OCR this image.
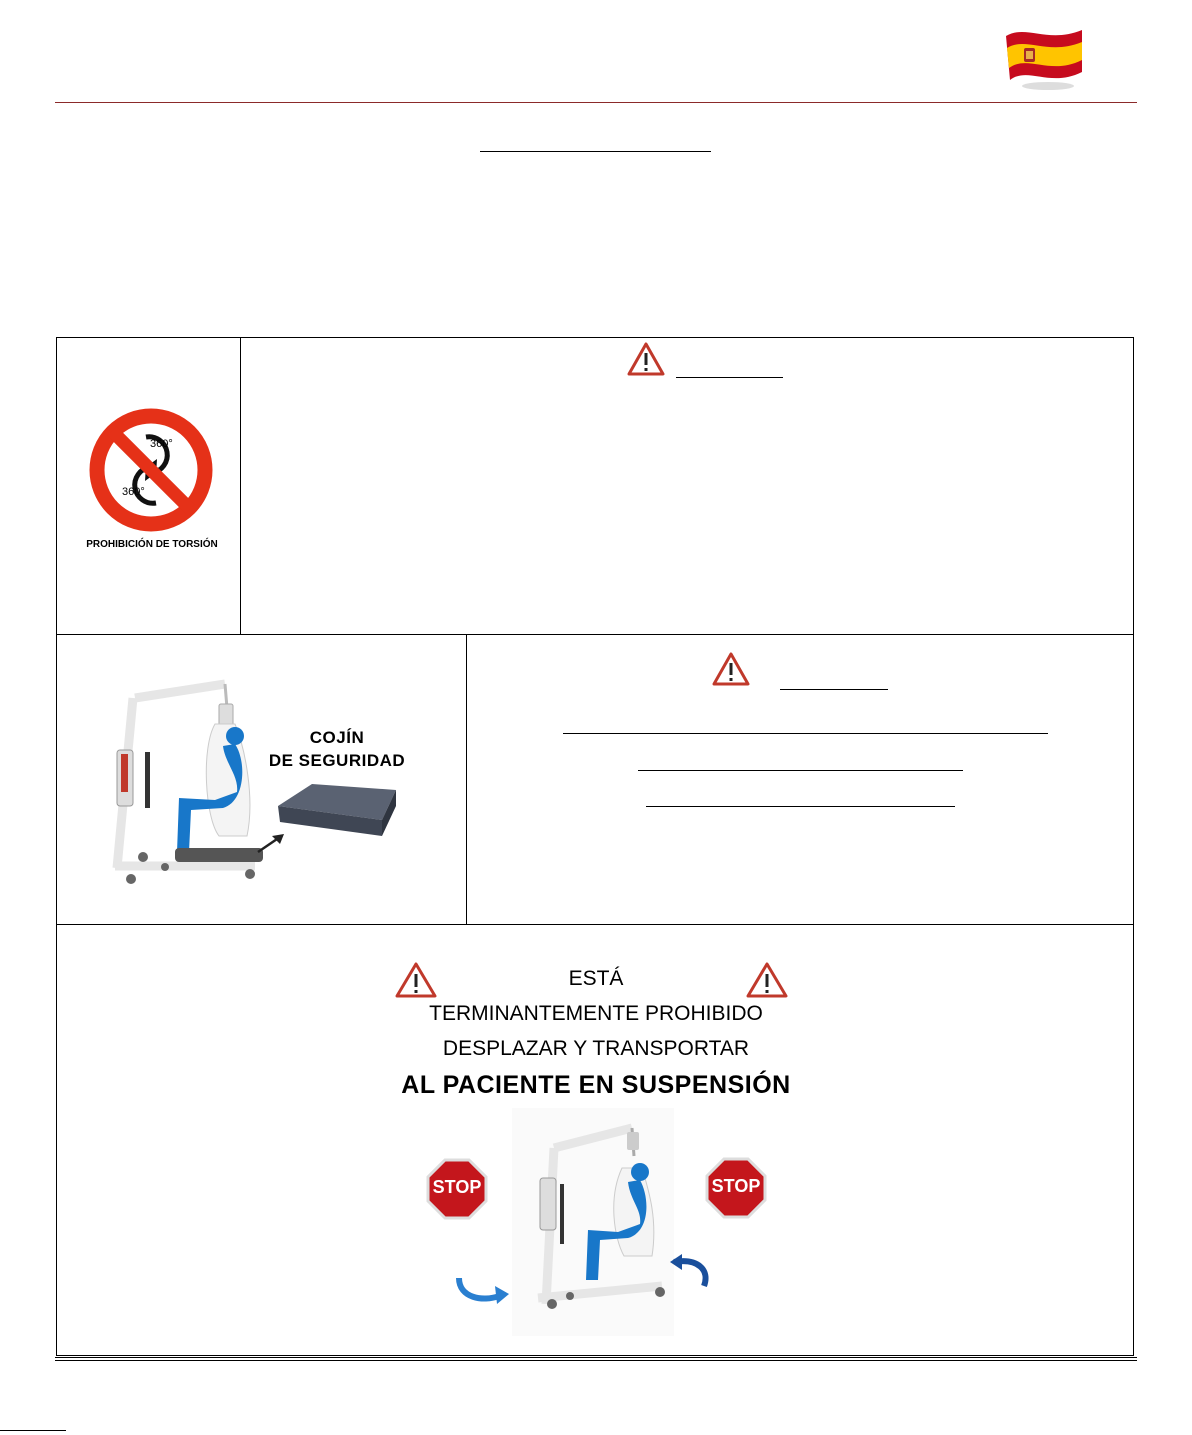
360°
360°
PROHIBICIÓN DE TORSIÓN
COJÍN
DE SEGURIDAD
ESTÁ
TERMINANTEMENTE PROHIBIDO
DESPLAZAR Y TRANSPORTAR
AL PACIENTE EN SUSPENSIÓN
STOP	STOP
